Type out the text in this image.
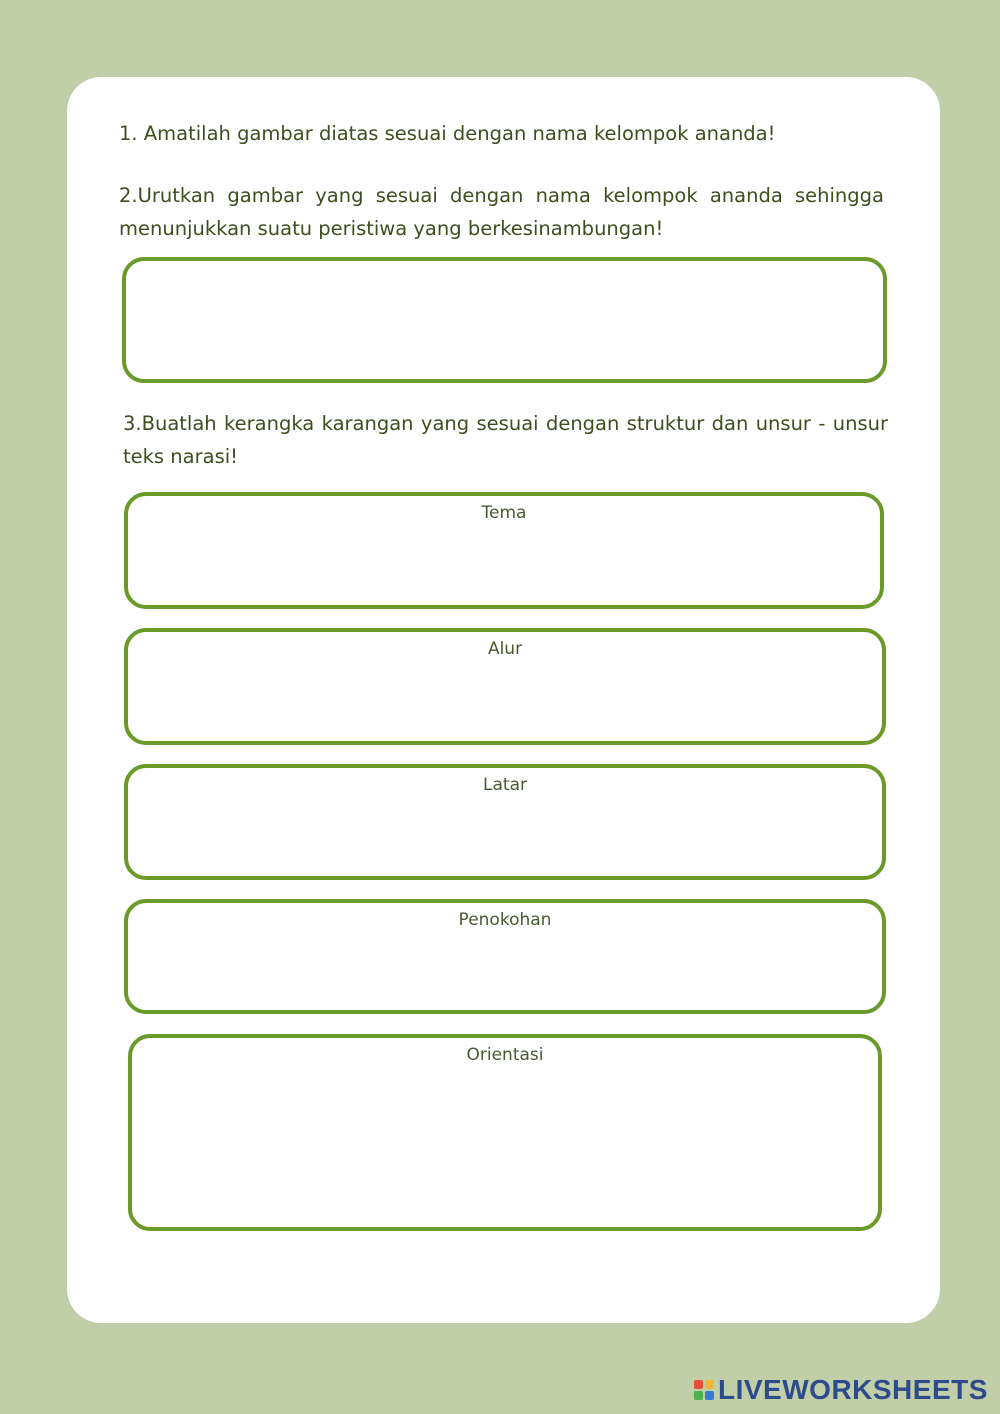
1. Amatilah gambar diatas sesuai dengan nama kelompok ananda!

2.Urutkan gambar yang sesuai dengan nama kelompok ananda sehingga menunjukkan suatu peristiwa yang berkesinambungan!

3.Buatlah kerangka karangan yang sesuai dengan struktur dan unsur - unsur teks narasi!

Tema
Alur
Latar
Penokohan
Orientasi
LIVEWORKSHEETS
